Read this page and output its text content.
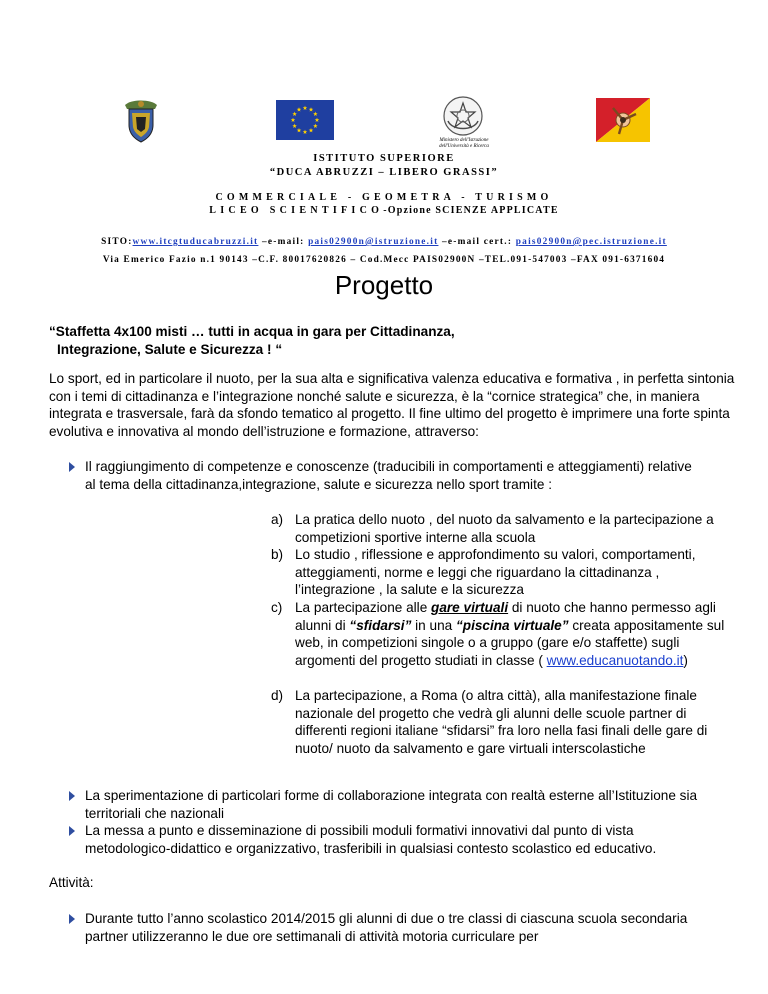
Ministero dell'Istruzione dell'Università e Ricerca
ISTITUTO SUPERIORE
“DUCA ABRUZZI – LIBERO GRASSI”
COMMERCIALE - GEOMETRA - TURISMO
LICEO SCIENTIFICO-Opzione SCIENZE APPLICATE
SITO:www.itcgtuducabruzzi.it –e-mail: pais02900n@istruzione.it –e-mail cert.: pais02900n@pec.istruzione.it
Via Emerico Fazio n.1 90143 –C.F. 80017620826 – Cod.Mecc PAIS02900N –TEL.091-547003 –FAX 091-6371604
Progetto
“Staffetta 4x100 misti … tutti in acqua in gara per Cittadinanza,
Integrazione, Salute e Sicurezza ! “
Lo sport, ed in particolare il nuoto, per la sua alta e significativa valenza educativa e formativa , in perfetta sintonia con i temi di cittadinanza e l’integrazione nonché salute e sicurezza, è la “cornice strategica” che, in maniera integrata e trasversale, farà da sfondo tematico al progetto. Il fine ultimo del progetto è imprimere una forte spinta evolutiva e innovativa al mondo dell’istruzione e formazione, attraverso:
Il raggiungimento di competenze e conoscenze (traducibili in comportamenti e atteggiamenti) relative al tema della cittadinanza,integrazione, salute e sicurezza nello sport tramite :
a) La pratica dello nuoto , del nuoto da salvamento e la partecipazione a competizioni sportive interne alla scuola
b) Lo studio , riflessione e approfondimento su valori, comportamenti, atteggiamenti, norme e leggi che riguardano la cittadinanza , l’integrazione , la salute e la sicurezza
c) La partecipazione alle gare virtuali di nuoto che hanno permesso agli alunni di “sfidarsi” in una “piscina virtuale” creata appositamente sul web, in competizioni singole o a gruppo (gare e/o staffette) sugli argomenti del progetto studiati in classe ( www.educanuotando.it)
d) La partecipazione, a Roma (o altra città), alla manifestazione finale nazionale del progetto che vedrà gli alunni delle scuole partner di differenti regioni italiane “sfidarsi” fra loro nella fasi finali delle gare di nuoto/ nuoto da salvamento e gare virtuali interscolastiche
La sperimentazione di particolari forme di collaborazione integrata con realtà esterne all’Istituzione sia territoriali che nazionali
La messa a punto e disseminazione di possibili moduli formativi innovativi dal punto di vista metodologico-didattico e organizzativo, trasferibili in qualsiasi contesto scolastico ed educativo.
Attività:
Durante tutto l’anno scolastico 2014/2015 gli alunni di due o tre classi di ciascuna scuola secondaria partner utilizzeranno le due ore settimanali di attività motoria curriculare per
